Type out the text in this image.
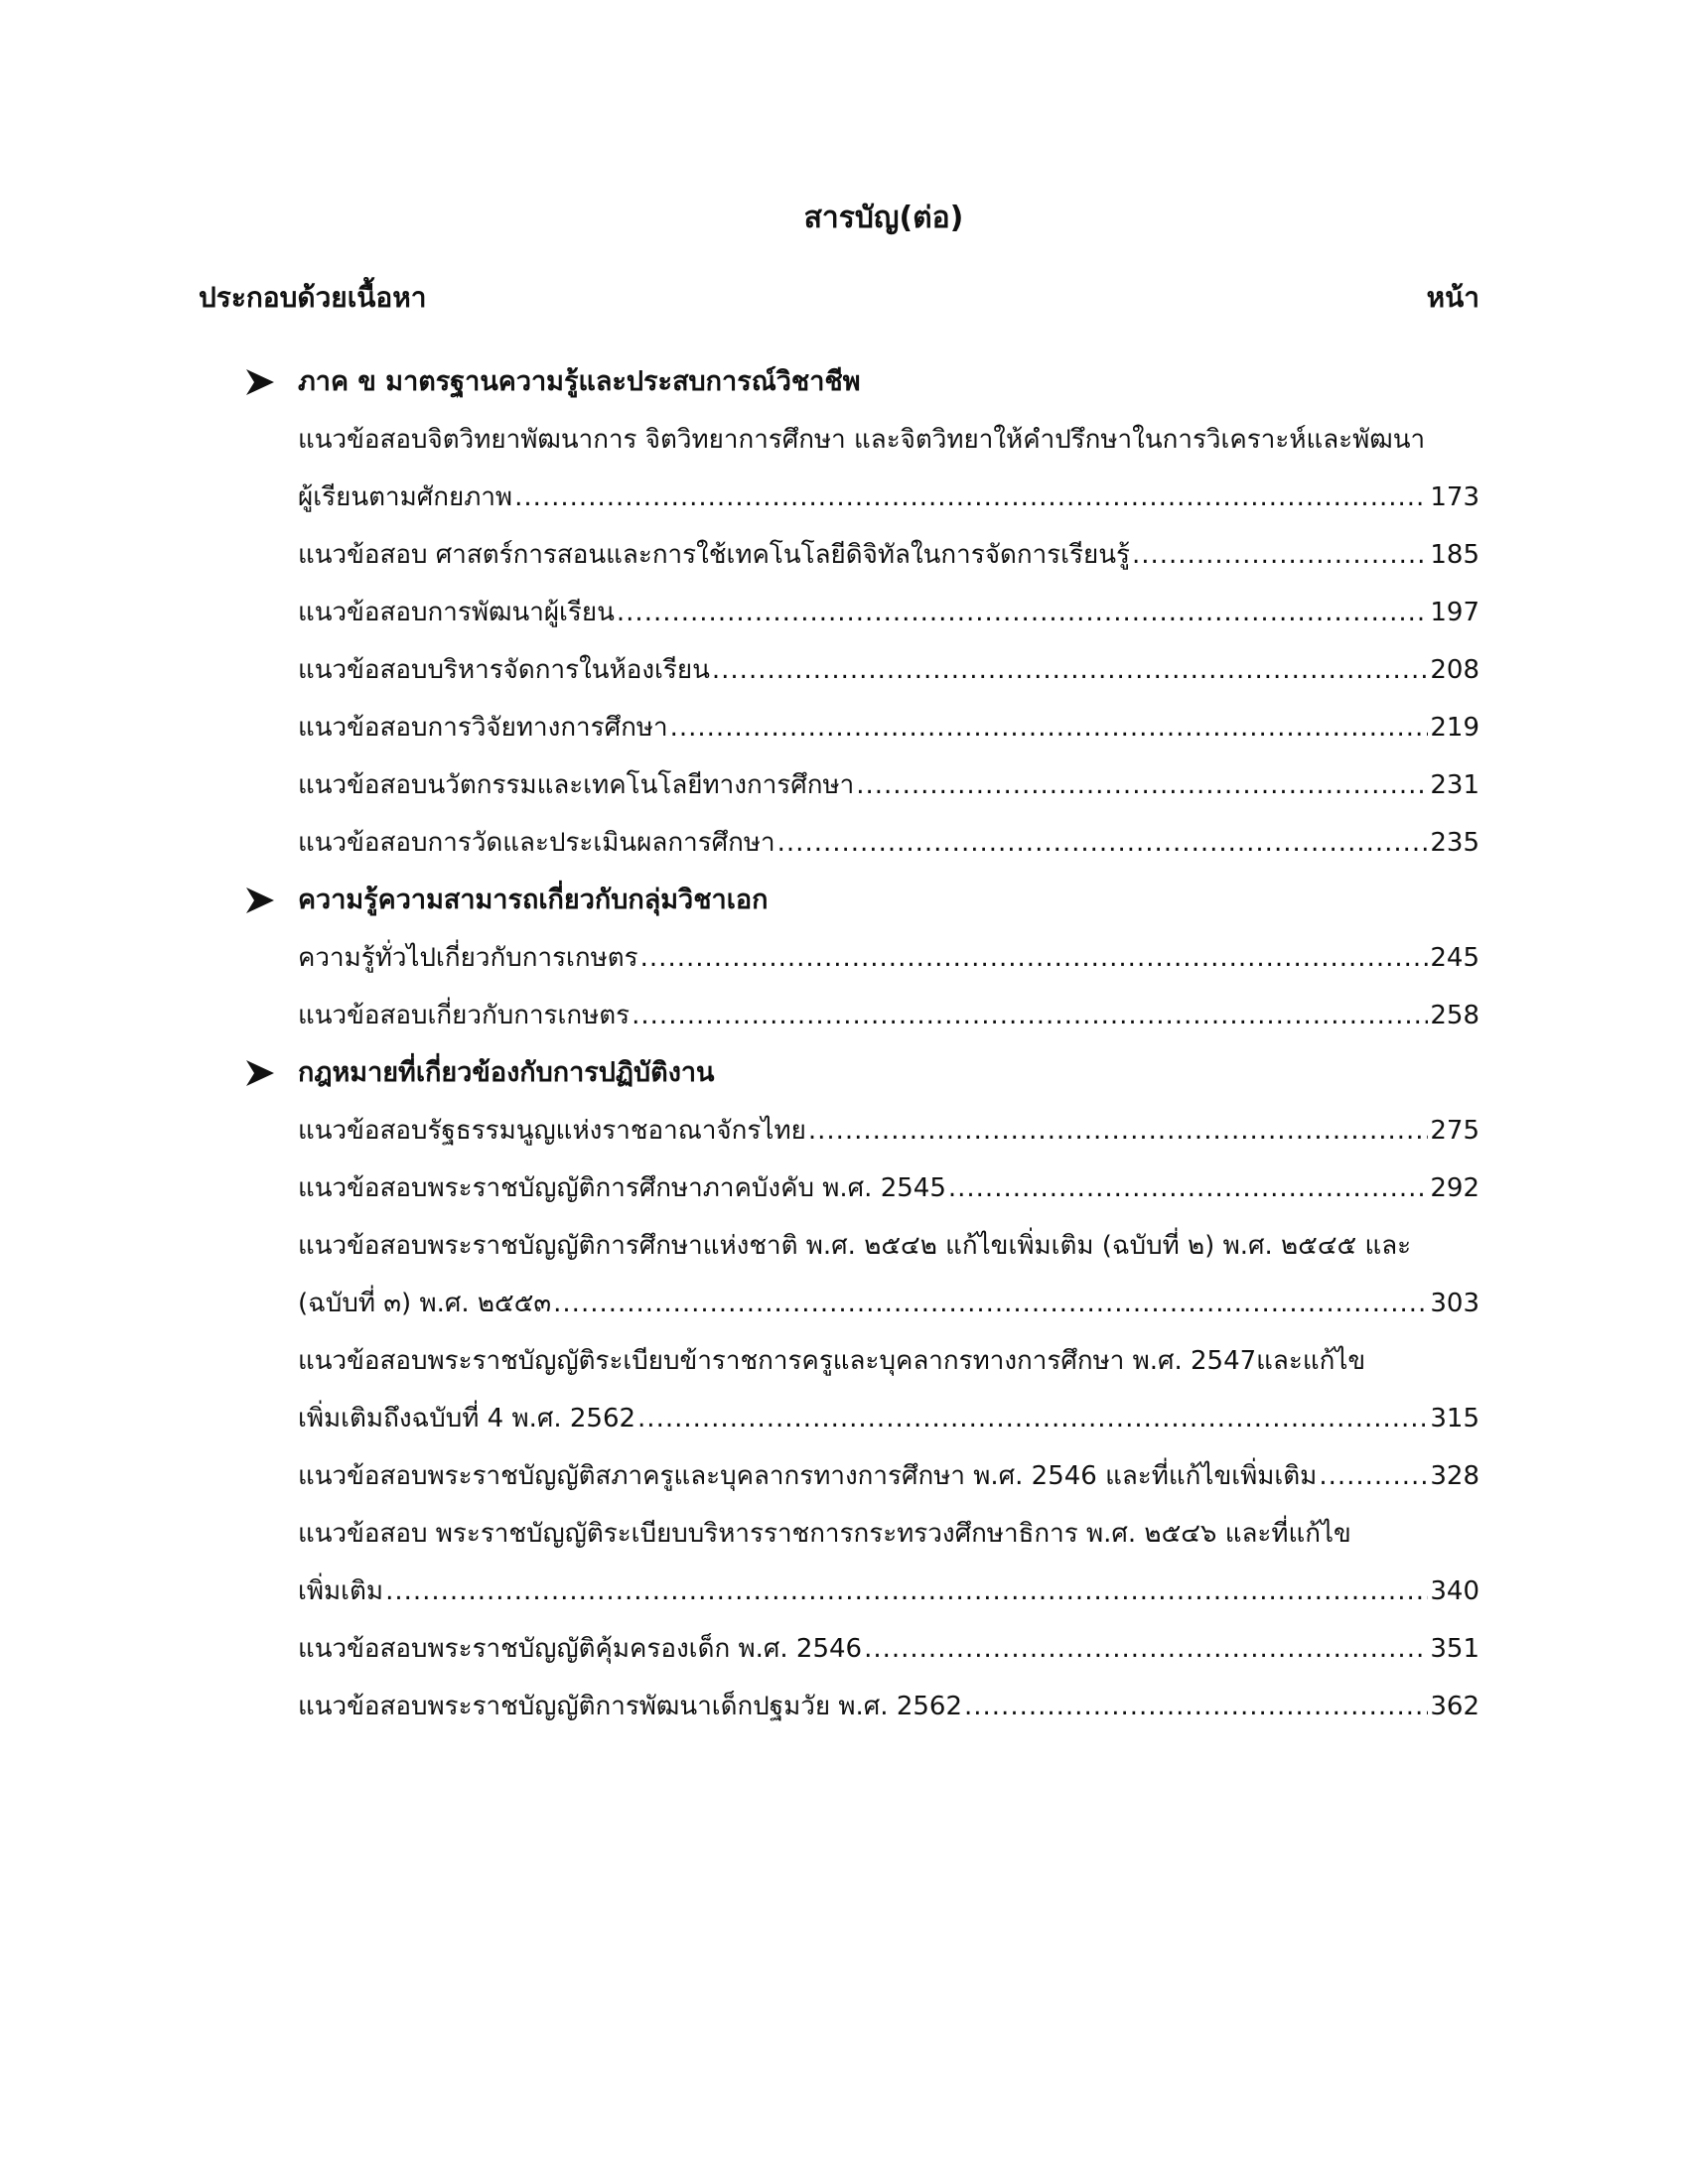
สารบัญ(ต่อ)
ประกอบด้วยเนื้อหา	หน้า
ภาค ข มาตรฐานความรู้และประสบการณ์วิชาชีพ
แนวข้อสอบจิตวิทยาพัฒนาการ จิตวิทยาการศึกษา และจิตวิทยาให้คำปรึกษาในการวิเคราะห์และพัฒนา
ผู้เรียนตามศักยภาพ .....	173
แนวข้อสอบ ศาสตร์การสอนและการใช้เทคโนโลยีดิจิทัลในการจัดการเรียนรู้ .....	185
แนวข้อสอบการพัฒนาผู้เรียน .....	197
แนวข้อสอบบริหารจัดการในห้องเรียน .....	208
แนวข้อสอบการวิจัยทางการศึกษา .....	219
แนวข้อสอบนวัตกรรมและเทคโนโลยีทางการศึกษา .....	231
แนวข้อสอบการวัดและประเมินผลการศึกษา .....	235
ความรู้ความสามารถเกี่ยวกับกลุ่มวิชาเอก
ความรู้ทั่วไปเกี่ยวกับการเกษตร .....	245
แนวข้อสอบเกี่ยวกับการเกษตร .....	258
กฎหมายที่เกี่ยวข้องกับการปฏิบัติงาน
แนวข้อสอบรัฐธรรมนูญแห่งราชอาณาจักรไทย .....	275
แนวข้อสอบพระราชบัญญัติการศึกษาภาคบังคับ พ.ศ. 2545 .....	292
แนวข้อสอบพระราชบัญญัติการศึกษาแห่งชาติ พ.ศ. ๒๕๔๒ แก้ไขเพิ่มเติม (ฉบับที่ ๒) พ.ศ. ๒๕๔๕ และ
(ฉบับที่ ๓) พ.ศ. ๒๕๕๓ .....	303
แนวข้อสอบพระราชบัญญัติระเบียบข้าราชการครูและบุคลากรทางการศึกษา พ.ศ. 2547และแก้ไข
เพิ่มเติมถึงฉบับที่ 4 พ.ศ. 2562 .....	315
แนวข้อสอบพระราชบัญญัติสภาครูและบุคลากรทางการศึกษา พ.ศ. 2546 และที่แก้ไขเพิ่มเติม .....	328
แนวข้อสอบ พระราชบัญญัติระเบียบบริหารราชการกระทรวงศึกษาธิการ พ.ศ. ๒๕๔๖ และที่แก้ไข
เพิ่มเติม .....	340
แนวข้อสอบพระราชบัญญัติคุ้มครองเด็ก พ.ศ. 2546 .....	351
แนวข้อสอบพระราชบัญญัติการพัฒนาเด็กปฐมวัย พ.ศ. 2562 .....	362
